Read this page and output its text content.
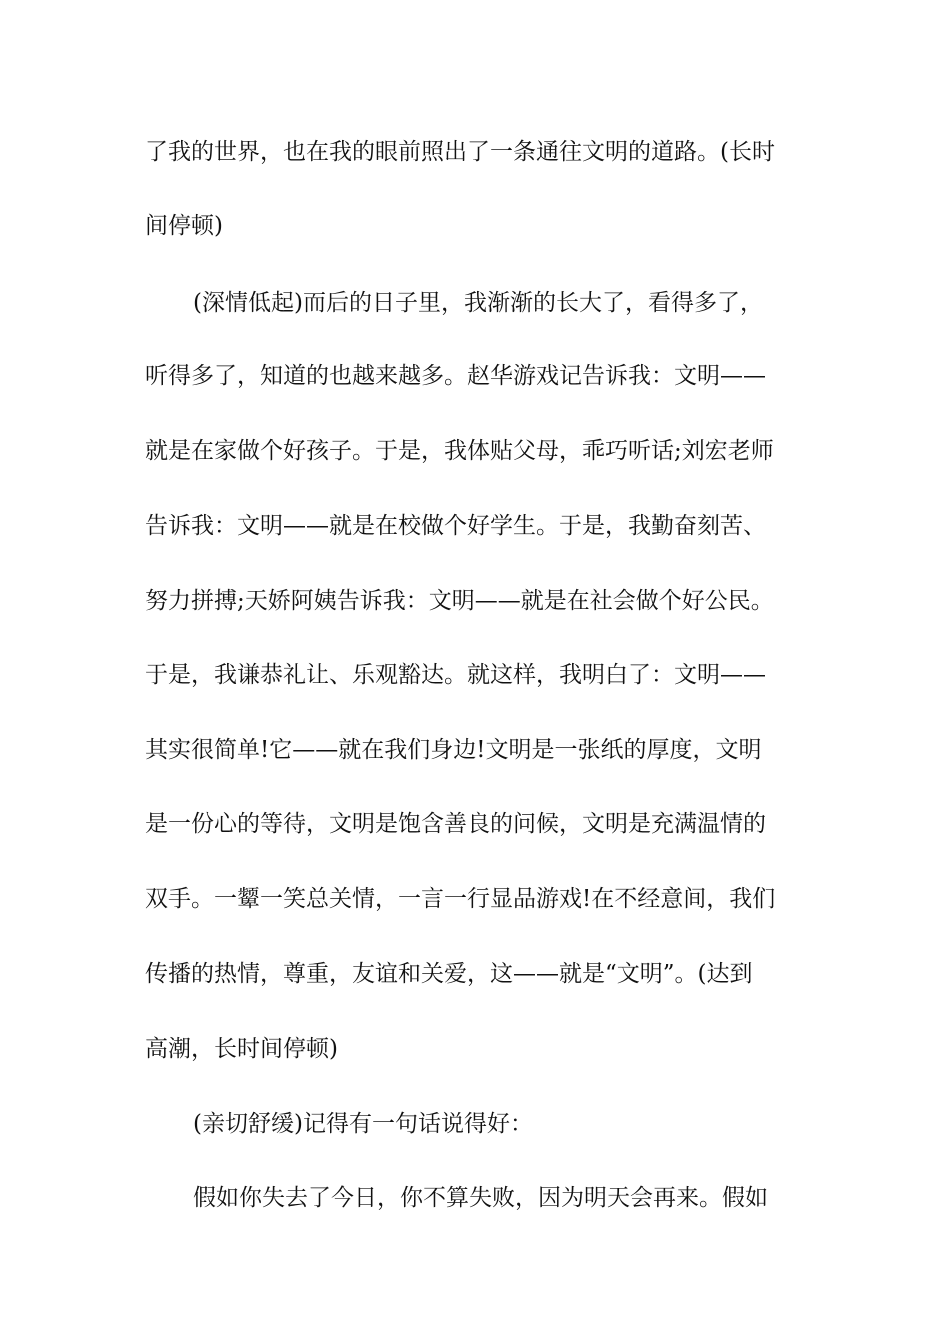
了我的世界，也在我的眼前照出了一条通往文明的道路。(长时
间停顿)
(深情低起)而后的日子里，我渐渐的长大了，看得多了，
听得多了，知道的也越来越多。赵华游戏记告诉我：文明——
就是在家做个好孩子。于是，我体贴父母，乖巧听话;刘宏老师
告诉我：文明——就是在校做个好学生。于是，我勤奋刻苦、
努力拼搏;天娇阿姨告诉我：文明——就是在社会做个好公民。
于是，我谦恭礼让、乐观豁达。就这样，我明白了：文明——
其实很简单!它——就在我们身边!文明是一张纸的厚度，文明
是一份心的等待，文明是饱含善良的问候，文明是充满温情的
双手。一颦一笑总关情，一言一行显品游戏!在不经意间，我们
传播的热情，尊重，友谊和关爱，这——就是“文明”。(达到
高潮，长时间停顿)
(亲切舒缓)记得有一句话说得好：
假如你失去了今日，你不算失败，因为明天会再来。假如
